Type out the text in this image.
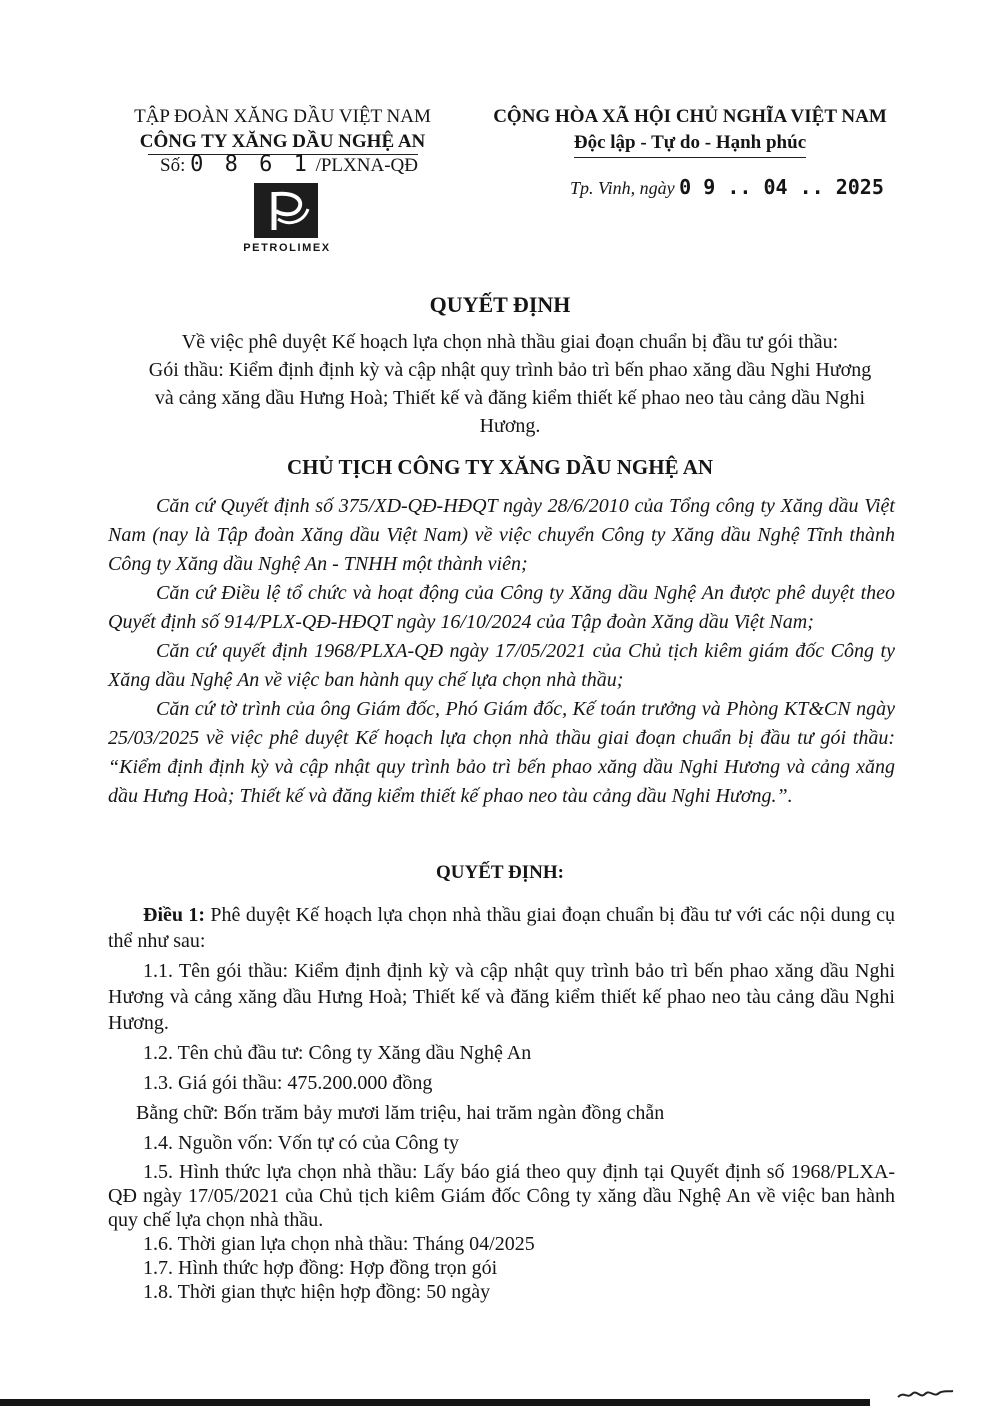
TẬP ĐOÀN XĂNG DẦU VIỆT NAM
CÔNG TY XĂNG DẦU NGHỆ AN
Số: 0 8 6 1 /PLXNA-QĐ
PETROLIMEX
CỘNG HÒA XÃ HỘI CHỦ NGHĨA VIỆT NAM
Độc lập - Tự do - Hạnh phúc
Tp. Vinh, ngày 0 9 .. 04 .. 2025
QUYẾT ĐỊNH
Về việc phê duyệt Kế hoạch lựa chọn nhà thầu giai đoạn chuẩn bị đầu tư gói thầu:
Gói thầu: Kiểm định định kỳ và cập nhật quy trình bảo trì bến phao xăng dầu Nghi Hương và cảng xăng dầu Hưng Hoà; Thiết kế và đăng kiểm thiết kế phao neo tàu cảng dầu Nghi Hương.
CHỦ TỊCH CÔNG TY XĂNG DẦU NGHỆ AN

Căn cứ Quyết định số 375/XD-QĐ-HĐQT ngày 28/6/2010 của Tổng công ty Xăng dầu Việt Nam (nay là Tập đoàn Xăng dầu Việt Nam) về việc chuyển Công ty Xăng dầu Nghệ Tĩnh thành Công ty Xăng dầu Nghệ An - TNHH một thành viên;

Căn cứ Điều lệ tổ chức và hoạt động của Công ty Xăng dầu Nghệ An được phê duyệt theo Quyết định số 914/PLX-QĐ-HĐQT ngày 16/10/2024 của Tập đoàn Xăng dầu Việt Nam;

Căn cứ quyết định 1968/PLXA-QĐ ngày 17/05/2021 của Chủ tịch kiêm giám đốc Công ty Xăng dầu Nghệ An về việc ban hành quy chế lựa chọn nhà thầu;

Căn cứ tờ trình của ông Giám đốc, Phó Giám đốc, Kế toán trưởng và Phòng KT&CN ngày 25/03/2025 về việc phê duyệt Kế hoạch lựa chọn nhà thầu giai đoạn chuẩn bị đầu tư gói thầu: “Kiểm định định kỳ và cập nhật quy trình bảo trì bến phao xăng dầu Nghi Hương và cảng xăng dầu Hưng Hoà; Thiết kế và đăng kiểm thiết kế phao neo tàu cảng dầu Nghi Hương.”.

QUYẾT ĐỊNH:

Điều 1: Phê duyệt Kế hoạch lựa chọn nhà thầu giai đoạn chuẩn bị đầu tư với các nội dung cụ thể như sau:

1.1. Tên gói thầu: Kiểm định định kỳ và cập nhật quy trình bảo trì bến phao xăng dầu Nghi Hương và cảng xăng dầu Hưng Hoà; Thiết kế và đăng kiểm thiết kế phao neo tàu cảng dầu Nghi Hương.

1.2. Tên chủ đầu tư: Công ty Xăng dầu Nghệ An

1.3. Giá gói thầu: 475.200.000 đồng

Bằng chữ: Bốn trăm bảy mươi lăm triệu, hai trăm ngàn đồng chẵn

1.4. Nguồn vốn: Vốn tự có của Công ty

1.5. Hình thức lựa chọn nhà thầu: Lấy báo giá theo quy định tại Quyết định số 1968/PLXA-QĐ ngày 17/05/2021 của Chủ tịch kiêm Giám đốc Công ty xăng dầu Nghệ An về việc ban hành quy chế lựa chọn nhà thầu.

1.6. Thời gian lựa chọn nhà thầu: Tháng 04/2025

1.7. Hình thức hợp đồng: Hợp đồng trọn gói

1.8. Thời gian thực hiện hợp đồng: 50 ngày
